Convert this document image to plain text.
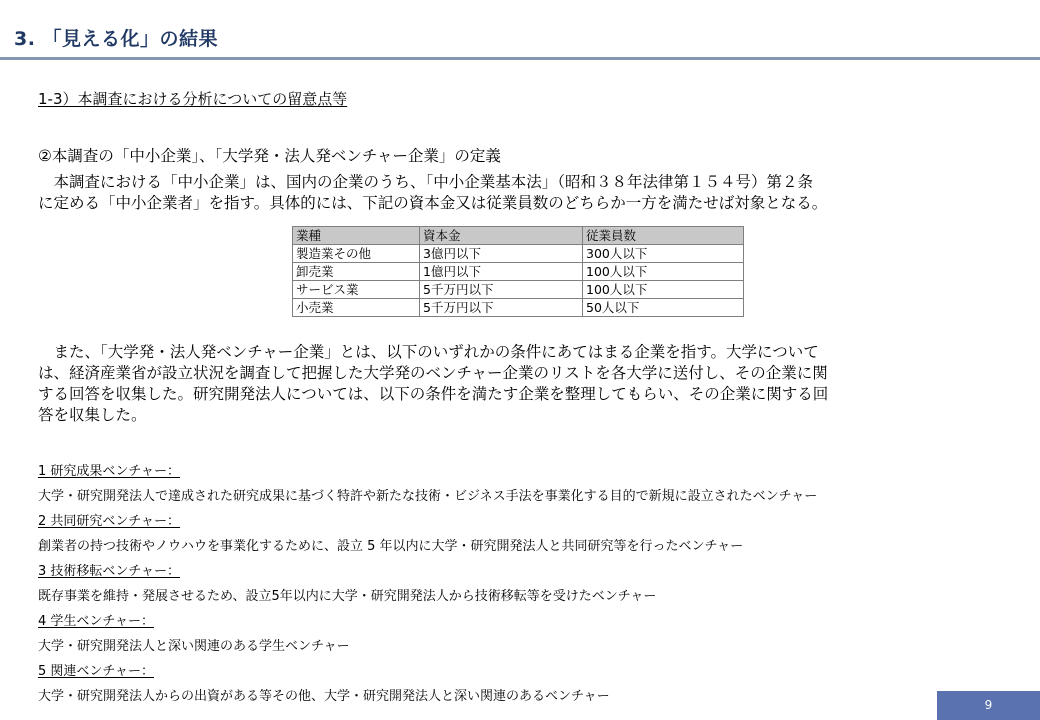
3. 「見える化」の結果
1-3）本調査における分析についての留意点等
②本調査の「中小企業」、「大学発・法人発ベンチャー企業」の定義
　本調査における「中小企業」は、国内の企業のうち、「中小企業基本法」（昭和３８年法律第１５４号）第２条
に定める「中小企業者」を指す。具体的には、下記の資本金又は従業員数のどちらか一方を満たせば対象となる。
業種	資本金	従業員数
製造業その他	3億円以下	300人以下
卸売業	1億円以下	100人以下
サービス業	5千万円以下	100人以下
小売業	5千万円以下	50人以下
　また、「大学発・法人発ベンチャー企業」とは、以下のいずれかの条件にあてはまる企業を指す。大学について
は、経済産業省が設立状況を調査して把握した大学発のベンチャー企業のリストを各大学に送付し、その企業に関
する回答を収集した。研究開発法人については、以下の条件を満たす企業を整理してもらい、その企業に関する回
答を収集した。
1 研究成果ベンチャー：
大学・研究開発法人で達成された研究成果に基づく特許や新たな技術・ビジネス手法を事業化する目的で新規に設立されたベンチャー
2 共同研究ベンチャー：
創業者の持つ技術やノウハウを事業化するために、設立 5 年以内に大学・研究開発法人と共同研究等を行ったベンチャー
3 技術移転ベンチャー：
既存事業を維持・発展させるため、設立5年以内に大学・研究開発法人から技術移転等を受けたベンチャー
4 学生ベンチャー：
大学・研究開発法人と深い関連のある学生ベンチャー
5 関連ベンチャー：
大学・研究開発法人からの出資がある等その他、大学・研究開発法人と深い関連のあるベンチャー
9
